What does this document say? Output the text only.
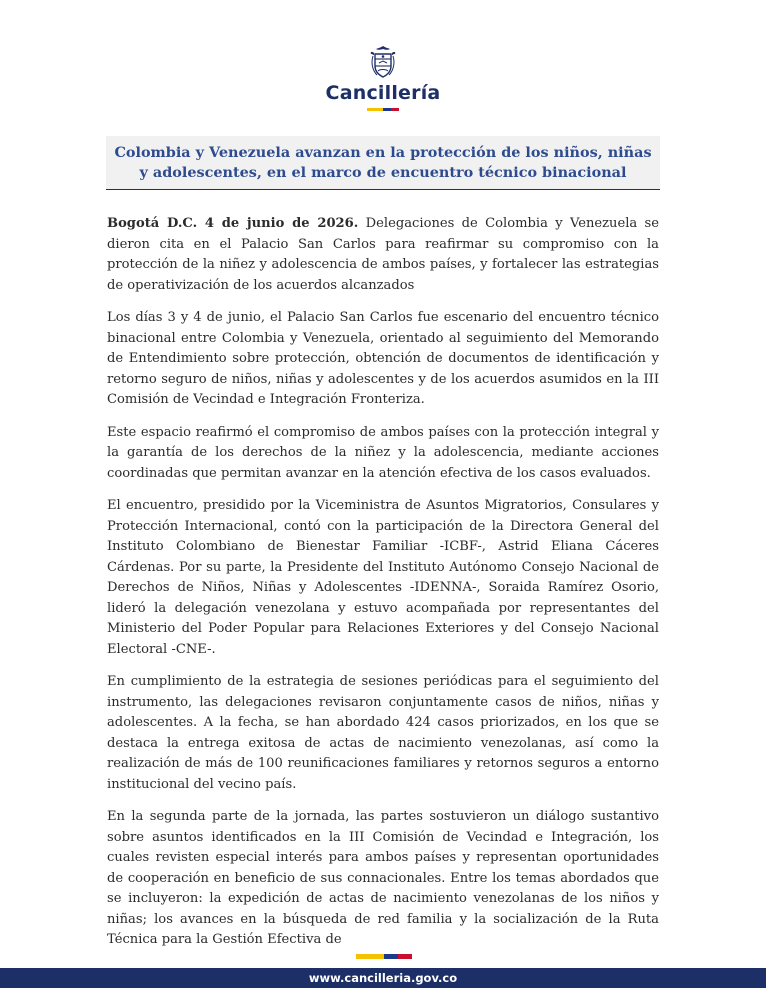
Cancillería
Colombia y Venezuela avanzan en la protección de los niños, niñas y adolescentes, en el marco de encuentro técnico binacional

Bogotá D.C. 4 de junio de 2026. Delegaciones de Colombia y Venezuela se dieron cita en el Palacio San Carlos para reafirmar su compromiso con la protección de la niñez y adolescencia de ambos países, y fortalecer las estrategias de operativización de los acuerdos alcanzados

Los días 3 y 4 de junio, el Palacio San Carlos fue escenario del encuentro técnico binacional entre Colombia y Venezuela, orientado al seguimiento del Memorando de Entendimiento sobre protección, obtención de documentos de identificación y retorno seguro de niños, niñas y adolescentes y de los acuerdos asumidos en la III Comisión de Vecindad e Integración Fronteriza.

Este espacio reafirmó el compromiso de ambos países con la protección integral y la garantía de los derechos de la niñez y la adolescencia, mediante acciones coordinadas que permitan avanzar en la atención efectiva de los casos evaluados.

El encuentro, presidido por la Viceministra de Asuntos Migratorios, Consulares y Protección Internacional, contó con la participación de la Directora General del Instituto Colombiano de Bienestar Familiar -ICBF-, Astrid Eliana Cáceres Cárdenas. Por su parte, la Presidente del Instituto Autónomo Consejo Nacional de Derechos de Niños, Niñas y Adolescentes -IDENNA-, Soraida Ramírez Osorio, lideró la delegación venezolana y estuvo acompañada por representantes del Ministerio del Poder Popular para Relaciones Exteriores y del Consejo Nacional Electoral -CNE-.

En cumplimiento de la estrategia de sesiones periódicas para el seguimiento del instrumento, las delegaciones revisaron conjuntamente casos de niños, niñas y adolescentes. A la fecha, se han abordado 424 casos priorizados, en los que se destaca la entrega exitosa de actas de nacimiento venezolanas, así como la realización de más de 100 reunificaciones familiares y retornos seguros a entorno institucional del vecino país.

En la segunda parte de la jornada, las partes sostuvieron un diálogo sustantivo sobre asuntos identificados en la III Comisión de Vecindad e Integración, los cuales revisten especial interés para ambos países y representan oportunidades de cooperación en beneficio de sus connacionales. Entre los temas abordados que se incluyeron: la expedición de actas de nacimiento venezolanas de los niños y niñas; los avances en la búsqueda de red familia y la socialización de la Ruta Técnica para la Gestión Efectiva de

www.cancilleria.gov.co
